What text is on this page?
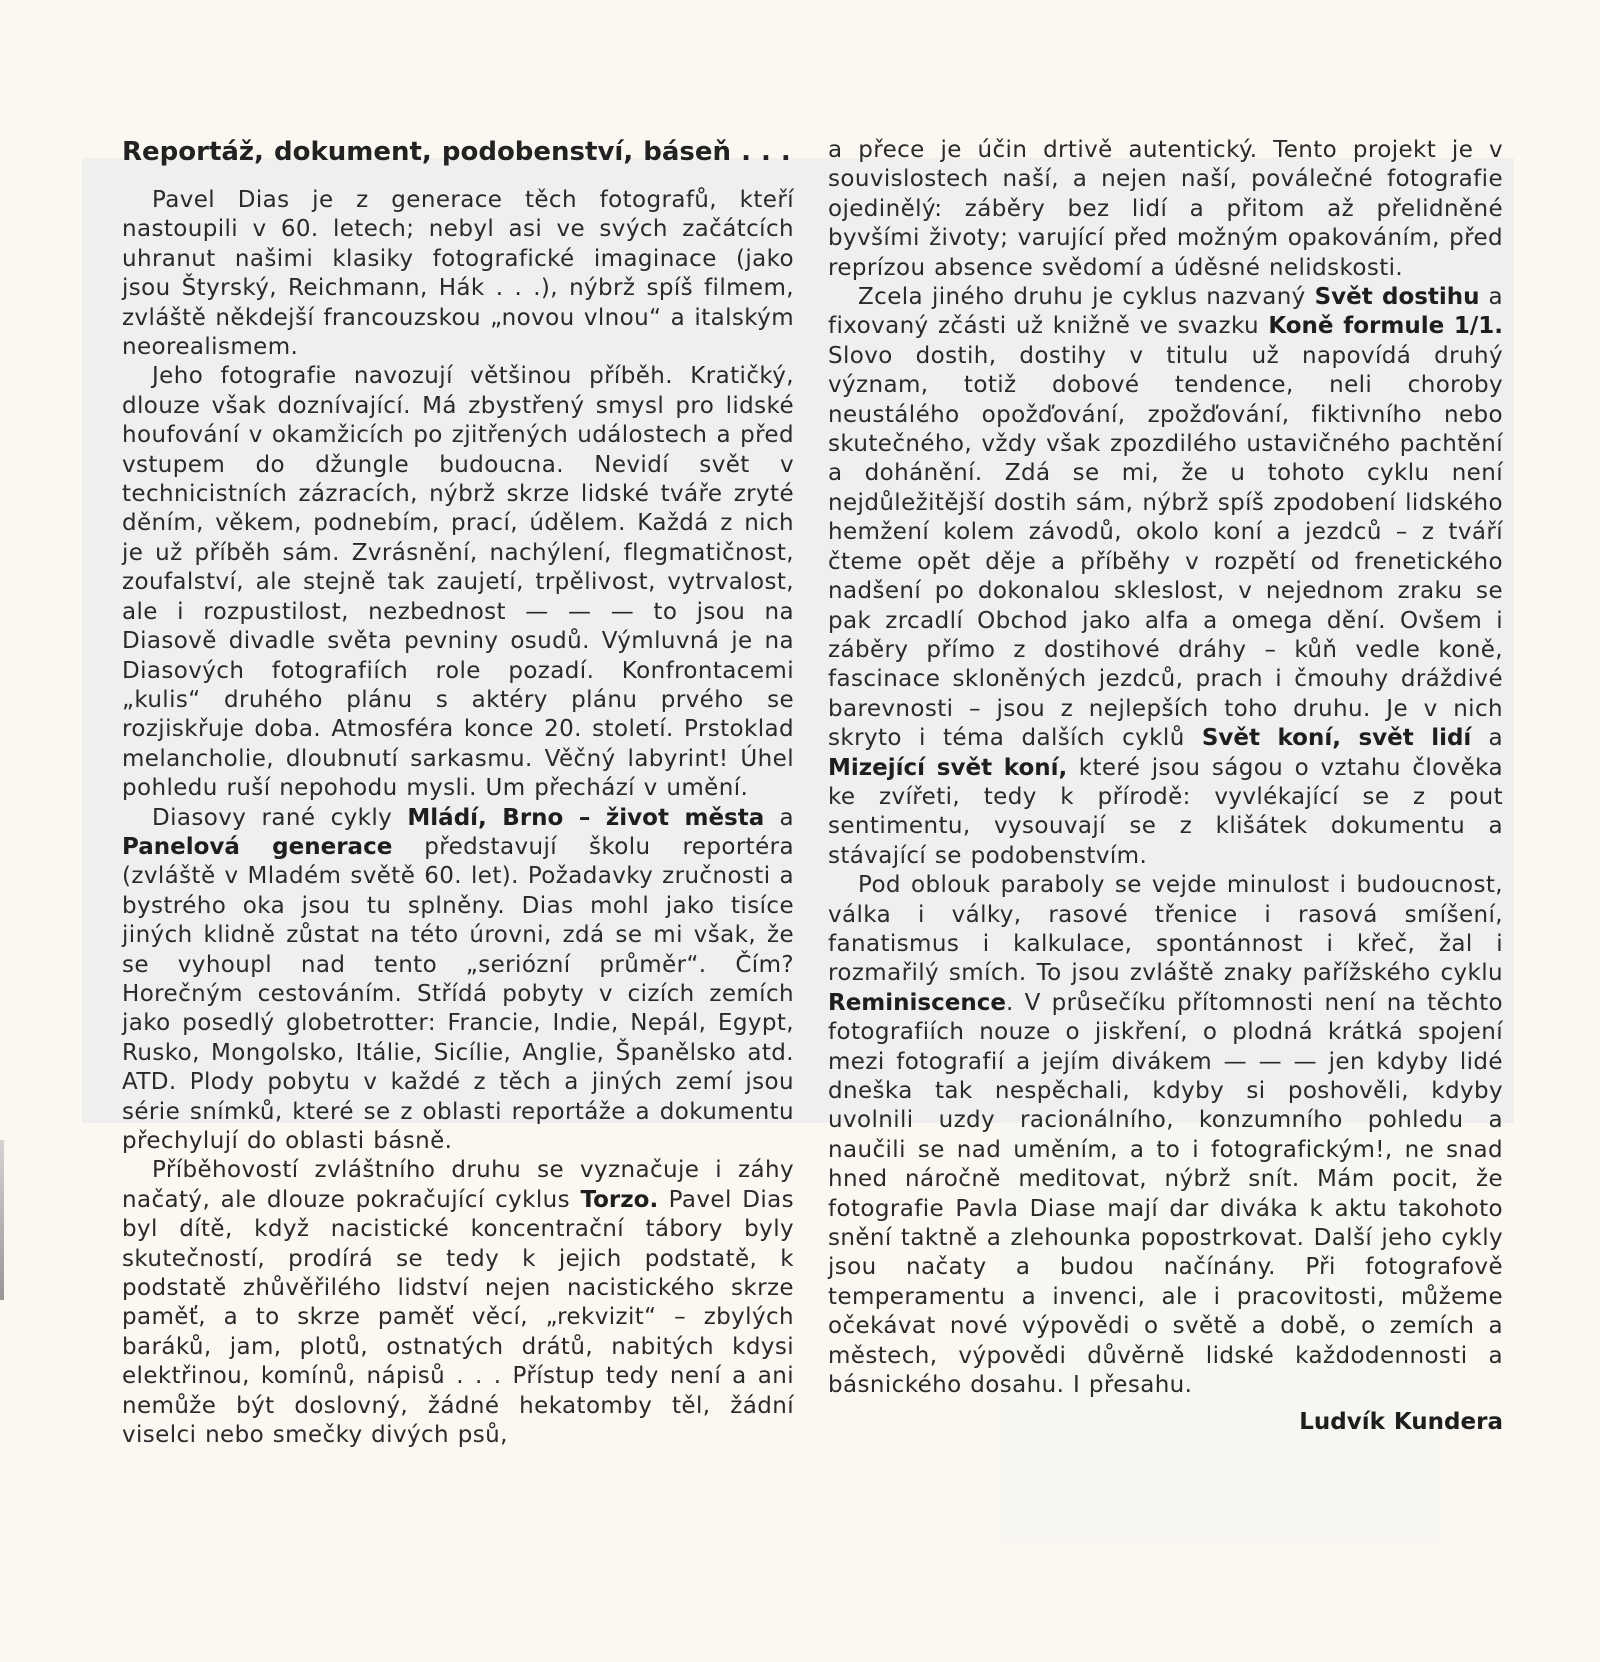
Reportáž, dokument, podobenství, báseň . . .

Pavel Dias je z generace těch fotografů, kteří nastoupili v 60. letech; nebyl asi ve svých začátcích uhranut našimi klasiky fotografické imaginace (jako jsou Štyrský, Reichmann, Hák . . .), nýbrž spíš filmem, zvláště někdejší francouzskou „novou vlnou“ a italským neorealismem.

Jeho fotografie navozují většinou příběh. Kratičký, dlouze však doznívající. Má zbystřený smysl pro lidské houfování v okamžicích po zjitřených událostech a před vstupem do džungle budoucna. Nevidí svět v technicistních zázracích, nýbrž skrze lidské tváře zryté děním, věkem, podnebím, prací, údělem. Každá z nich je už příběh sám. Zvrásnění, nachýlení, flegmatičnost, zoufalství, ale stejně tak zaujetí, trpělivost, vytrvalost, ale i rozpustilost, nezbednost — — — to jsou na Diasově divadle světa pevniny osudů. Výmluvná je na Diasových fotografiích role pozadí. Konfrontacemi „kulis“ druhého plánu s aktéry plánu prvého se rozjiskřuje doba. Atmosféra konce 20. století. Prstoklad melancholie, dloubnutí sarkasmu. Věčný labyrint! Úhel pohledu ruší nepohodu mysli. Um přechází v umění.

Diasovy rané cykly Mládí, Brno – život města a Panelová generace představují školu reportéra (zvláště v Mladém světě 60. let). Požadavky zručnosti a bystrého oka jsou tu splněny. Dias mohl jako tisíce jiných klidně zůstat na této úrovni, zdá se mi však, že se vyhoupl nad tento „seriózní průměr“. Čím? Horečným cestováním. Střídá pobyty v cizích zemích jako posedlý globetrotter: Francie, Indie, Nepál, Egypt, Rusko, Mongolsko, Itálie, Sicílie, Anglie, Španělsko atd. ATD. Plody pobytu v každé z těch a jiných zemí jsou série snímků, které se z oblasti reportáže a dokumentu přechylují do oblasti básně.

Příběhovostí zvláštního druhu se vyznačuje i záhy načatý, ale dlouze pokračující cyklus Torzo. Pavel Dias byl dítě, když nacistické koncentrační tábory byly skutečností, prodírá se tedy k jejich podstatě, k podstatě zhůvěřilého lidství nejen nacistického skrze paměť, a to skrze paměť věcí, „rekvizit“ – zbylých baráků, jam, plotů, ostnatých drátů, nabitých kdysi elektřinou, komínů, nápisů . . . Přístup tedy není a ani nemůže být doslovný, žádné hekatomby těl, žádní viselci nebo smečky divých psů,

a přece je účin drtivě autentický. Tento projekt je v souvislostech naší, a nejen naší, poválečné fotografie ojedinělý: záběry bez lidí a přitom až přelidněné byvšími životy; varující před možným opakováním, před reprízou absence svědomí a úděsné nelidskosti.

Zcela jiného druhu je cyklus nazvaný Svět dostihu a fixovaný zčásti už knižně ve svazku Koně formule 1/1. Slovo dostih, dostihy v titulu už napovídá druhý význam, totiž dobové tendence, neli choroby neustálého opožďování, zpožďování, fiktivního nebo skutečného, vždy však zpozdilého ustavičného pachtění a dohánění. Zdá se mi, že u tohoto cyklu není nejdůležitější dostih sám, nýbrž spíš zpodobení lidského hemžení kolem závodů, okolo koní a jezdců – z tváří čteme opět děje a příběhy v rozpětí od frenetického nadšení po dokonalou skleslost, v nejednom zraku se pak zrcadlí Obchod jako alfa a omega dění. Ovšem i záběry přímo z dostihové dráhy – kůň vedle koně, fascinace skloněných jezdců, prach i čmouhy dráždivé barevnosti – jsou z nejlepších toho druhu. Je v nich skryto i téma dalších cyklů Svět koní, svět lidí a Mizející svět koní, které jsou ságou o vztahu člověka ke zvířeti, tedy k přírodě: vyvlékající se z pout sentimentu, vysouvají se z klišátek dokumentu a stávající se podobenstvím.

Pod oblouk paraboly se vejde minulost i budoucnost, válka i války, rasové třenice i rasová smíšení, fanatismus i kalkulace, spontánnost i křeč, žal i rozmařilý smích. To jsou zvláště znaky pařížského cyklu Reminiscence. V průsečíku přítomnosti není na těchto fotografiích nouze o jiskření, o plodná krátká spojení mezi fotografií a jejím divákem — — — jen kdyby lidé dneška tak nespěchali, kdyby si poshověli, kdyby uvolnili uzdy racionálního, konzumního pohledu a naučili se nad uměním, a to i fotografickým!, ne snad hned náročně meditovat, nýbrž snít. Mám pocit, že fotografie Pavla Diase mají dar diváka k aktu takohoto snění taktně a zlehounka popostrkovat. Další jeho cykly jsou načaty a budou načínány. Při fotografově temperamentu a invenci, ale i pracovitosti, můžeme očekávat nové výpovědi o světě a době, o zemích a městech, výpovědi důvěrně lidské každodennosti a básnického dosahu. I přesahu.

Ludvík Kundera
